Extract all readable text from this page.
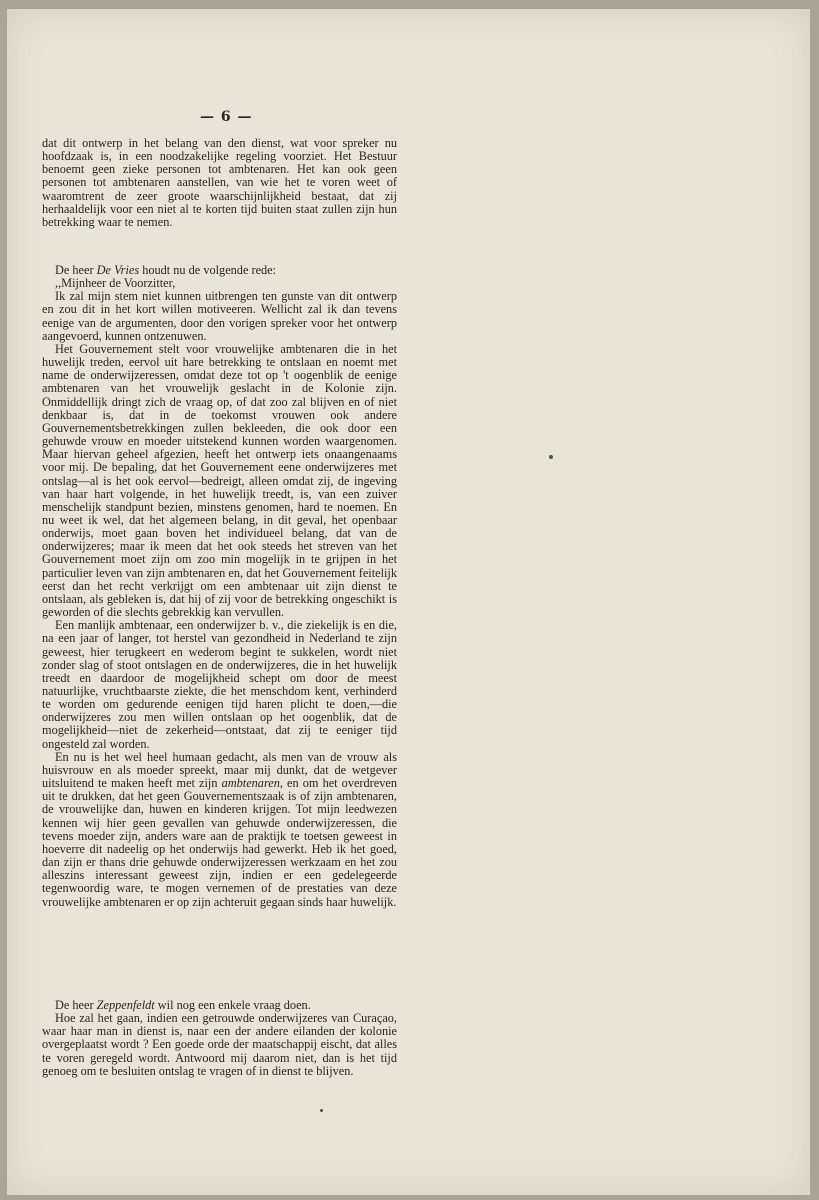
— 6 —

dat dit ontwerp in het belang van den dienst, wat voor spreker nu hoofdzaak is, in een noodzakelijke regeling voorziet. Het Bestuur benoemt geen zieke personen tot ambtenaren. Het kan ook geen personen tot ambtenaren aanstellen, van wie het te voren weet of waaromtrent de zeer groote waarschijnlijkheid bestaat, dat zij herhaaldelijk voor een niet al te korten tijd buiten staat zullen zijn hun betrekking waar te nemen.

De heer De Vries houdt nu de volgende rede:

,,Mijnheer de Voorzitter,

Ik zal mijn stem niet kunnen uitbrengen ten gunste van dit ontwerp en zou dit in het kort willen motiveeren. Wellicht zal ik dan tevens eenige van de argumenten, door den vorigen spreker voor het ontwerp aangevoerd, kunnen ontzenuwen.

Het Gouvernement stelt voor vrouwelijke ambtenaren die in het huwelijk treden, eervol uit hare betrekking te ontslaan en noemt met name de onderwijzeressen, omdat deze tot op 't oogenblik de eenige ambtenaren van het vrouwelijk geslacht in de Kolonie zijn. Onmiddellijk dringt zich de vraag op, of dat zoo zal blijven en of niet denkbaar is, dat in de toekomst vrouwen ook andere Gouvernementsbetrekkingen zullen bekleeden, die ook door een gehuwde vrouw en moeder uitstekend kunnen worden waargenomen. Maar hiervan geheel afgezien, heeft het ontwerp iets onaangenaams voor mij. De bepaling, dat het Gouvernement eene onderwijzeres met ontslag—al is het ook eervol—bedreigt, alleen omdat zij, de ingeving van haar hart volgende, in het huwelijk treedt, is, van een zuiver menschelijk standpunt bezien, minstens genomen, hard te noemen. En nu weet ik wel, dat het algemeen belang, in dit geval, het openbaar onderwijs, moet gaan boven het individueel belang, dat van de onderwijzeres; maar ik meen dat het ook steeds het streven van het Gouvernement moet zijn om zoo min mogelijk in te grijpen in het particulier leven van zijn ambtenaren en, dat het Gouvernement feitelijk eerst dan het recht verkrijgt om een ambtenaar uit zijn dienst te ontslaan, als gebleken is, dat hij of zij voor de betrekking ongeschikt is geworden of die slechts gebrekkig kan vervullen.

Een manlijk ambtenaar, een onderwijzer b. v., die ziekelijk is en die, na een jaar of langer, tot herstel van gezondheid in Nederland te zijn geweest, hier terugkeert en wederom begint te sukkelen, wordt niet zonder slag of stoot ontslagen en de onderwijzeres, die in het huwelijk treedt en daardoor de mogelijkheid schept om door de meest natuurlijke, vruchtbaarste ziekte, die het menschdom kent, verhinderd te worden om gedurende eenigen tijd haren plicht te doen,—die onderwijzeres zou men willen ontslaan op het oogenblik, dat de mogelijkheid—niet de zekerheid—ontstaat, dat zij te eeniger tijd ongesteld zal worden.

En nu is het wel heel humaan gedacht, als men van de vrouw als huisvrouw en als moeder spreekt, maar mij dunkt, dat de wetgever uitsluitend te maken heeft met zijn ambtenaren, en om het overdreven uit te drukken, dat het geen Gouvernementszaak is of zijn ambtenaren, de vrouwelijke dan, huwen en kinderen krijgen. Tot mijn leedwezen kennen wij hier geen gevallen van gehuwde onderwijzeressen, die tevens moeder zijn, anders ware aan de praktijk te toetsen geweest in hoeverre dit nadeelig op het onderwijs had gewerkt. Heb ik het goed, dan zijn er thans drie gehuwde onderwijzeressen werkzaam en het zou alleszins interessant geweest zijn, indien er een gedelegeerde tegenwoordig ware, te mogen vernemen of de prestaties van deze vrouwelijke ambtenaren er op zijn achteruit gegaan sinds haar huwelijk.

De heer Zeppenfeldt wil nog een enkele vraag doen.

Hoe zal het gaan, indien een getrouwde onderwijzeres van Curaçao, waar haar man in dienst is, naar een der andere eilanden der kolonie overgeplaatst wordt ? Een goede orde der maatschappij eischt, dat alles te voren geregeld wordt. Antwoord mij daarom niet, dan is het tijd genoeg om te besluiten ontslag te vragen of in dienst te blijven.
